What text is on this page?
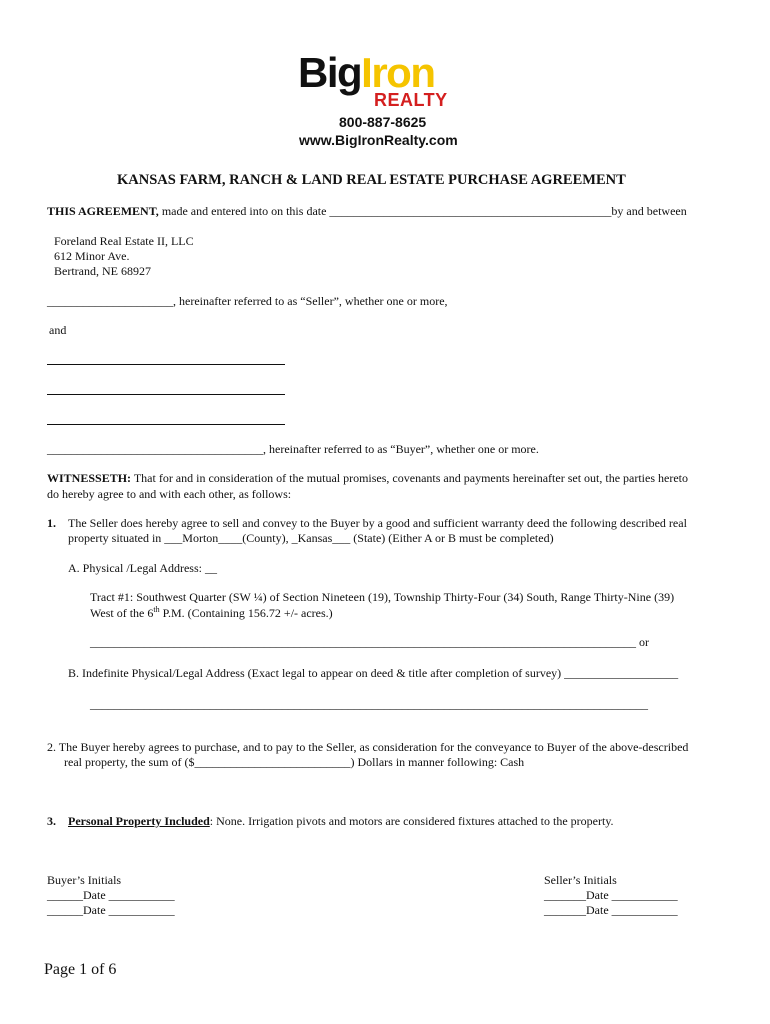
BigIron
REALTY
800-887-8625
www.BigIronRealty.com
KANSAS FARM, RANCH & LAND REAL ESTATE PURCHASE AGREEMENT
THIS AGREEMENT, made and entered into on this date _______________________________________________by and between
Foreland Real Estate II, LLC
612 Minor Ave.
Bertrand, NE 68927
_____________________, hereinafter referred to as “Seller”, whether one or more,
and
____________________________________, hereinafter referred to as “Buyer”, whether one or more.
WITNESSETH: That for and in consideration of the mutual promises, covenants and payments hereinafter set out, the parties hereto
do hereby agree to and with each other, as follows:
1. The Seller does hereby agree to sell and convey to the Buyer by a good and sufficient warranty deed the following described real
property situated in ___Morton____(County), _Kansas___ (State) (Either A or B must be completed)
A. Physical /Legal Address: __
Tract #1: Southwest Quarter (SW ¼) of Section Nineteen (19), Township Thirty-Four (34) South, Range Thirty-Nine (39)
West of the 6th P.M. (Containing 156.72 +/- acres.)
___________________________________________________________________________________________ or
B. Indefinite Physical/Legal Address (Exact legal to appear on deed & title after completion of survey) ___________________
_____________________________________________________________________________________________
2. The Buyer hereby agrees to purchase, and to pay to the Seller, as consideration for the conveyance to Buyer of the above-described
real property, the sum of ($__________________________) Dollars in manner following: Cash
3. Personal Property Included: None. Irrigation pivots and motors are considered fixtures attached to the property.
Buyer’s Initials
______Date ___________
______Date ___________
Seller’s Initials
_______Date ___________
_______Date ___________
Page 1 of 6
